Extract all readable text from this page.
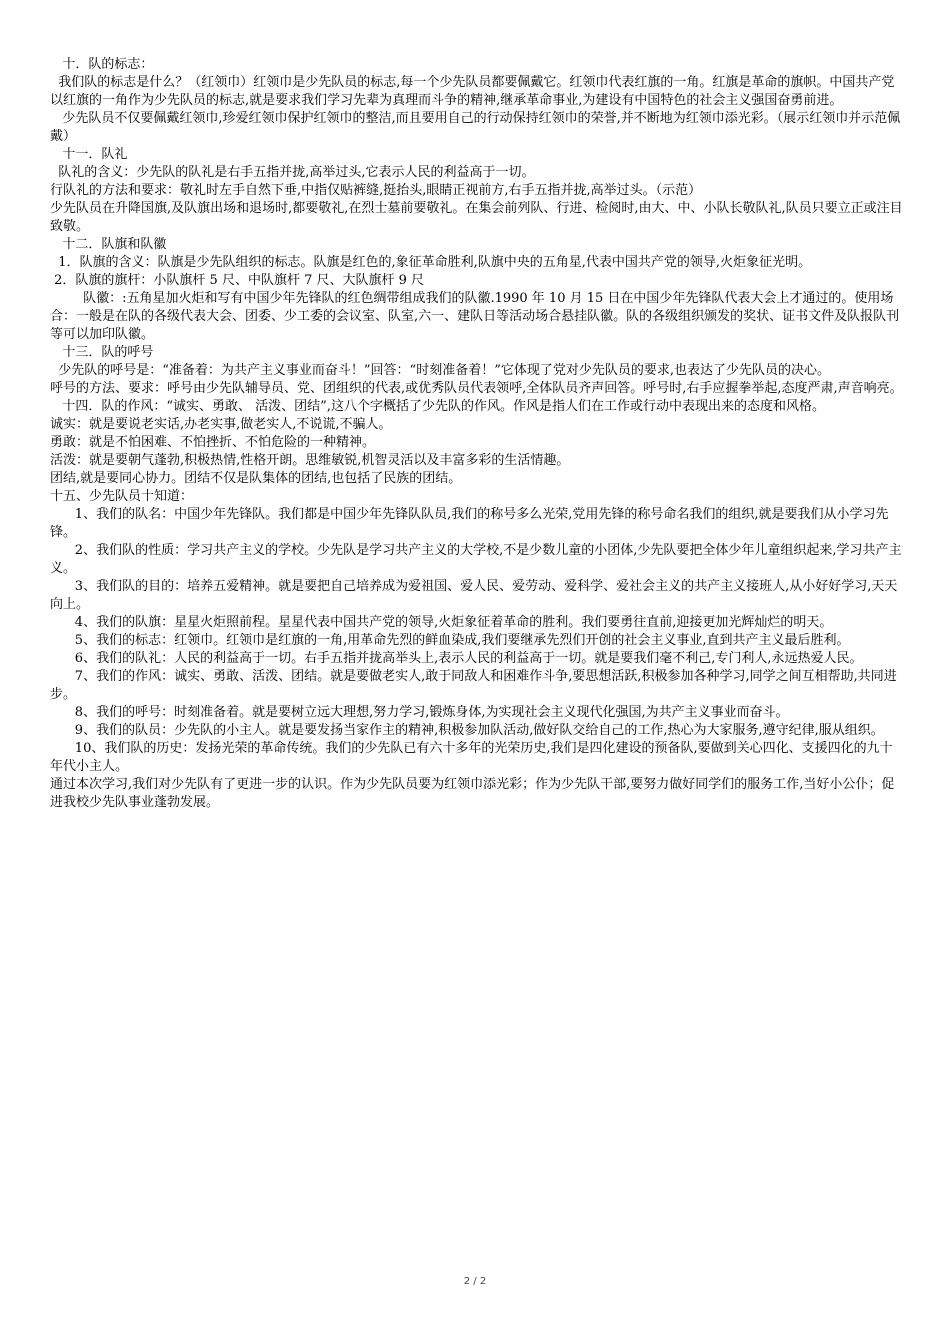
十．队的标志：

我们队的标志是什么？（红领巾）红领巾是少先队员的标志,每一个少先队员都要佩戴它。红领巾代表红旗的一角。红旗是革命的旗帜。中国共产党以红旗的一角作为少先队员的标志,就是要求我们学习先辈为真理而斗争的精神,继承革命事业,为建设有中国特色的社会主义强国奋勇前进。

少先队员不仅要佩戴红领巾,珍爱红领巾保护红领巾的整洁,而且要用自己的行动保持红领巾的荣誉,并不断地为红领巾添光彩。（展示红领巾并示范佩戴）

十一．队礼

队礼的含义：少先队的队礼是右手五指并拢,高举过头,它表示人民的利益高于一切。

行队礼的方法和要求：敬礼时左手自然下垂,中指仅贴裤缝,挺抬头,眼睛正视前方,右手五指并拢,高举过头。（示范）

少先队员在升降国旗,及队旗出场和退场时,都要敬礼,在烈士墓前要敬礼。在集会前列队、行进、检阅时,由大、中、小队长敬队礼,队员只要立正或注目致敬。

十二．队旗和队徽

1．队旗的含义：队旗是少先队组织的标志。队旗是红色的,象征革命胜利,队旗中央的五角星,代表中国共产党的领导,火炬象征光明。

2．队旗的旗杆：小队旗杆 5 尺、中队旗杆 7 尺、大队旗杆 9 尺

队徽：:五角星加火炬和写有中国少年先锋队的红色绸带组成我们的队徽.1990 年 10 月 15 日在中国少年先锋队代表大会上才通过的。使用场合：一般是在队的各级代表大会、团委、少工委的会议室、队室,六一、建队日等活动场合悬挂队徽。队的各级组织颁发的奖状、证书文件及队报队刊等可以加印队徽。

十三．队的呼号

少先队的呼号是：“准备着：为共产主义事业而奋斗！”回答：“时刻准备着！”它体现了党对少先队员的要求,也表达了少先队员的决心。

呼号的方法、要求：呼号由少先队辅导员、党、团组织的代表,或优秀队员代表领呼,全体队员齐声回答。呼号时,右手应握拳举起,态度严肃,声音响亮。

十四．队的作风：“诚实、勇敢、 活泼、团结”,这八个字概括了少先队的作风。作风是指人们在工作或行动中表现出来的态度和风格。

诚实：就是要说老实话,办老实事,做老实人,不说谎,不骗人。

勇敢：就是不怕困难、不怕挫折、不怕危险的一种精神。

活泼：就是要朝气蓬勃,积极热情,性格开朗。思维敏锐,机智灵活以及丰富多彩的生活情趣。

团结,就是要同心协力。团结不仅是队集体的团结,也包括了民族的团结。

十五、少先队员十知道：

1、我们的队名：中国少年先锋队。我们都是中国少年先锋队队员,我们的称号多么光荣,党用先锋的称号命名我们的组织,就是要我们从小学习先锋。

2、我们队的性质：学习共产主义的学校。少先队是学习共产主义的大学校,不是少数儿童的小团体,少先队要把全体少年儿童组织起来,学习共产主义。

3、我们队的目的：培养五爱精神。就是要把自己培养成为爱祖国、爱人民、爱劳动、爱科学、爱社会主义的共产主义接班人,从小好好学习,天天向上。

4、我们的队旗：星星火炬照前程。星星代表中国共产党的领导,火炬象征着革命的胜利。我们要勇往直前,迎接更加光辉灿烂的明天。

5、我们的标志：红领巾。红领巾是红旗的一角,用革命先烈的鲜血染成,我们要继承先烈们开创的社会主义事业,直到共产主义最后胜利。

6、我们的队礼：人民的利益高于一切。右手五指并拢高举头上,表示人民的利益高于一切。就是要我们毫不利己,专门利人,永远热爱人民。

7、我们的作风：诚实、勇敢、活泼、团结。就是要做老实人,敢于同敌人和困难作斗争,要思想活跃,积极参加各种学习,同学之间互相帮助,共同进步。

8、我们的呼号：时刻准备着。就是要树立远大理想,努力学习,锻炼身体,为实现社会主义现代化强国,为共产主义事业而奋斗。

9、我们的队员：少先队的小主人。就是要发扬当家作主的精神,积极参加队活动,做好队交给自己的工作,热心为大家服务,遵守纪律,服从组织。

10、我们队的历史：发扬光荣的革命传统。我们的少先队已有六十多年的光荣历史,我们是四化建设的预备队,要做到关心四化、支援四化的九十年代小主人。

通过本次学习,我们对少先队有了更进一步的认识。作为少先队员要为红领巾添光彩；作为少先队干部,要努力做好同学们的服务工作,当好小公仆；促进我校少先队事业蓬勃发展。

2 / 2
